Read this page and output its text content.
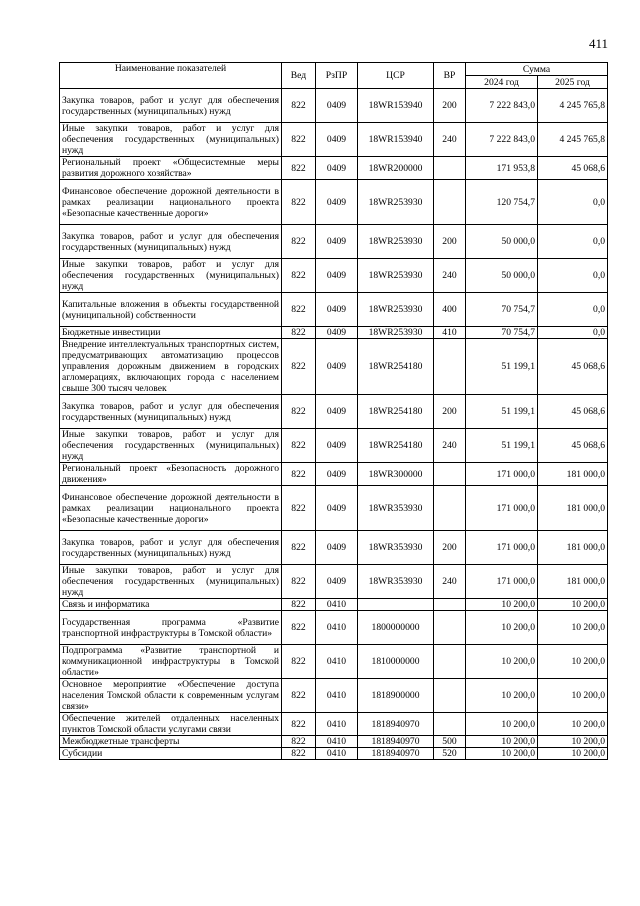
411
Наименование показателей	Вед	РзПР	ЦСР	ВР	Сумма	
					2024 год	2025 год
Закупка товаров, работ и услуг для обеспечения государственных (муниципальных) нужд	822	0409	18WR153940	200	7 222 843,0	4 245 765,8
Иные закупки товаров, работ и услуг для обеспечения государственных (муниципальных) нужд	822	0409	18WR153940	240	7 222 843,0	4 245 765,8
Региональный проект «Общесистемные меры развития дорожного хозяйства»	822	0409	18WR200000		171 953,8	45 068,6
Финансовое обеспечение дорожной деятельности в рамках реализации национального проекта «Безопасные качественные дороги»	822	0409	18WR253930		120 754,7	0,0
Закупка товаров, работ и услуг для обеспечения государственных (муниципальных) нужд	822	0409	18WR253930	200	50 000,0	0,0
Иные закупки товаров, работ и услуг для обеспечения государственных (муниципальных) нужд	822	0409	18WR253930	240	50 000,0	0,0
Капитальные вложения в объекты государственной (муниципальной) собственности	822	0409	18WR253930	400	70 754,7	0,0
Бюджетные инвестиции	822	0409	18WR253930	410	70 754,7	0,0
Внедрение интеллектуальных транспортных систем, предусматривающих автоматизацию процессов управления дорожным движением в городских агломерациях, включающих города с населением свыше 300 тысяч человек	822	0409	18WR254180		51 199,1	45 068,6
Закупка товаров, работ и услуг для обеспечения государственных (муниципальных) нужд	822	0409	18WR254180	200	51 199,1	45 068,6
Иные закупки товаров, работ и услуг для обеспечения государственных (муниципальных) нужд	822	0409	18WR254180	240	51 199,1	45 068,6
Региональный проект «Безопасность дорожного движения»	822	0409	18WR300000		171 000,0	181 000,0
Финансовое обеспечение дорожной деятельности в рамках реализации национального проекта «Безопасные качественные дороги»	822	0409	18WR353930		171 000,0	181 000,0
Закупка товаров, работ и услуг для обеспечения государственных (муниципальных) нужд	822	0409	18WR353930	200	171 000,0	181 000,0
Иные закупки товаров, работ и услуг для обеспечения государственных (муниципальных) нужд	822	0409	18WR353930	240	171 000,0	181 000,0
Связь и информатика	822	0410			10 200,0	10 200,0
Государственная программа «Развитие транспортной инфраструктуры в Томской области»	822	0410	1800000000		10 200,0	10 200,0
Подпрограмма «Развитие транспортной и коммуникационной инфраструктуры в Томской области»	822	0410	1810000000		10 200,0	10 200,0
Основное мероприятие «Обеспечение доступа населения Томской области к современным услугам связи»	822	0410	1818900000		10 200,0	10 200,0
Обеспечение жителей отдаленных населенных пунктов Томской области услугами связи	822	0410	1818940970		10 200,0	10 200,0
Межбюджетные трансферты	822	0410	1818940970	500	10 200,0	10 200,0
Субсидии	822	0410	1818940970	520	10 200,0	10 200,0
